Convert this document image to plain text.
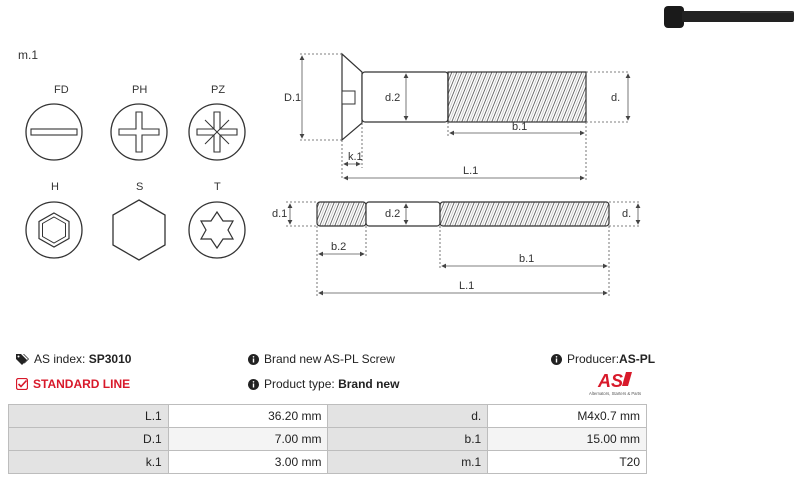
m.1
FD	PH	PZ
H	S	T
D.1	d.2	d.
b.1
k.1
L.1
d.1	d.2	d.
b.2
b.1
L.1
AS index: SP3010
STANDARD LINE
Brand new AS-PL Screw
Product type: Brand new
Producer:AS-PL
AS
Alternators, Starters & Parts
L.1	36.20 mm	d.	M4x0.7 mm
D.1	7.00 mm	b.1	15.00 mm
k.1	3.00 mm	m.1	T20
